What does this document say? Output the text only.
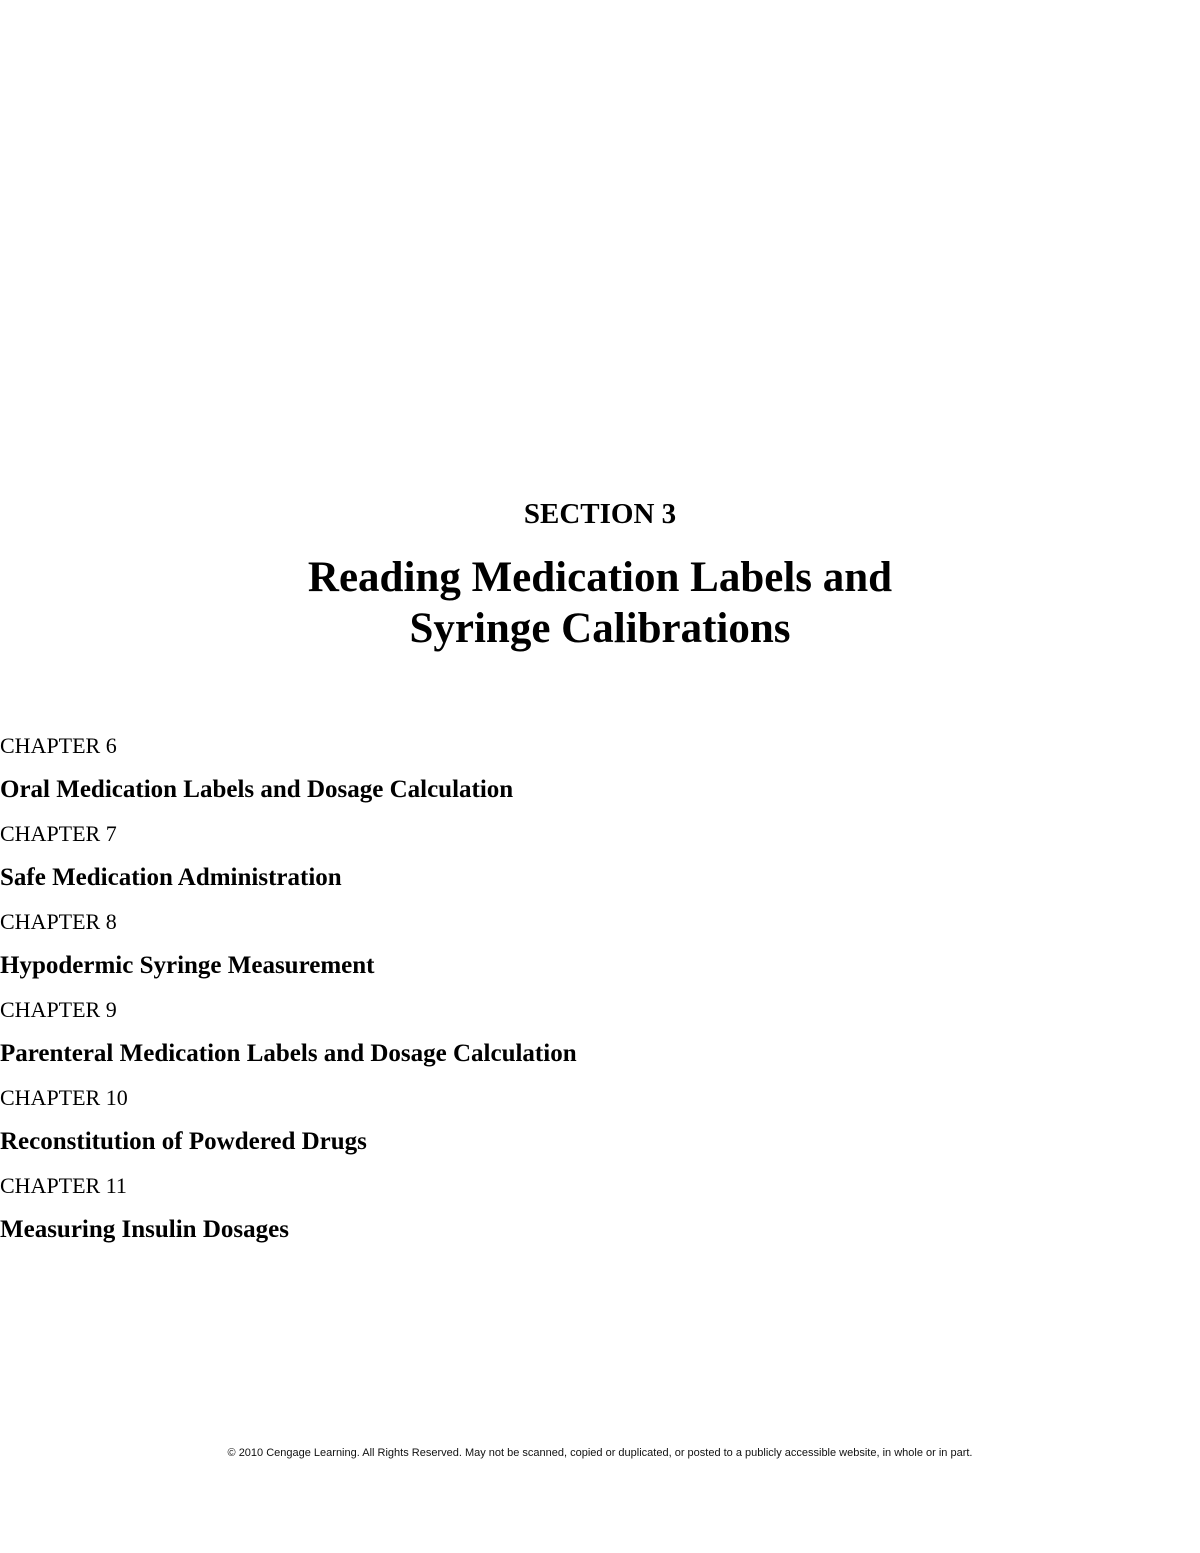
SECTION 3
Reading Medication Labels and
Syringe Calibrations
CHAPTER 6
Oral Medication Labels and Dosage Calculation
CHAPTER 7
Safe Medication Administration
CHAPTER 8
Hypodermic Syringe Measurement
CHAPTER 9
Parenteral Medication Labels and Dosage Calculation
CHAPTER 10
Reconstitution of Powdered Drugs
CHAPTER 11
Measuring Insulin Dosages
© 2010 Cengage Learning. All Rights Reserved. May not be scanned, copied or duplicated, or posted to a publicly accessible website, in whole or in part.
